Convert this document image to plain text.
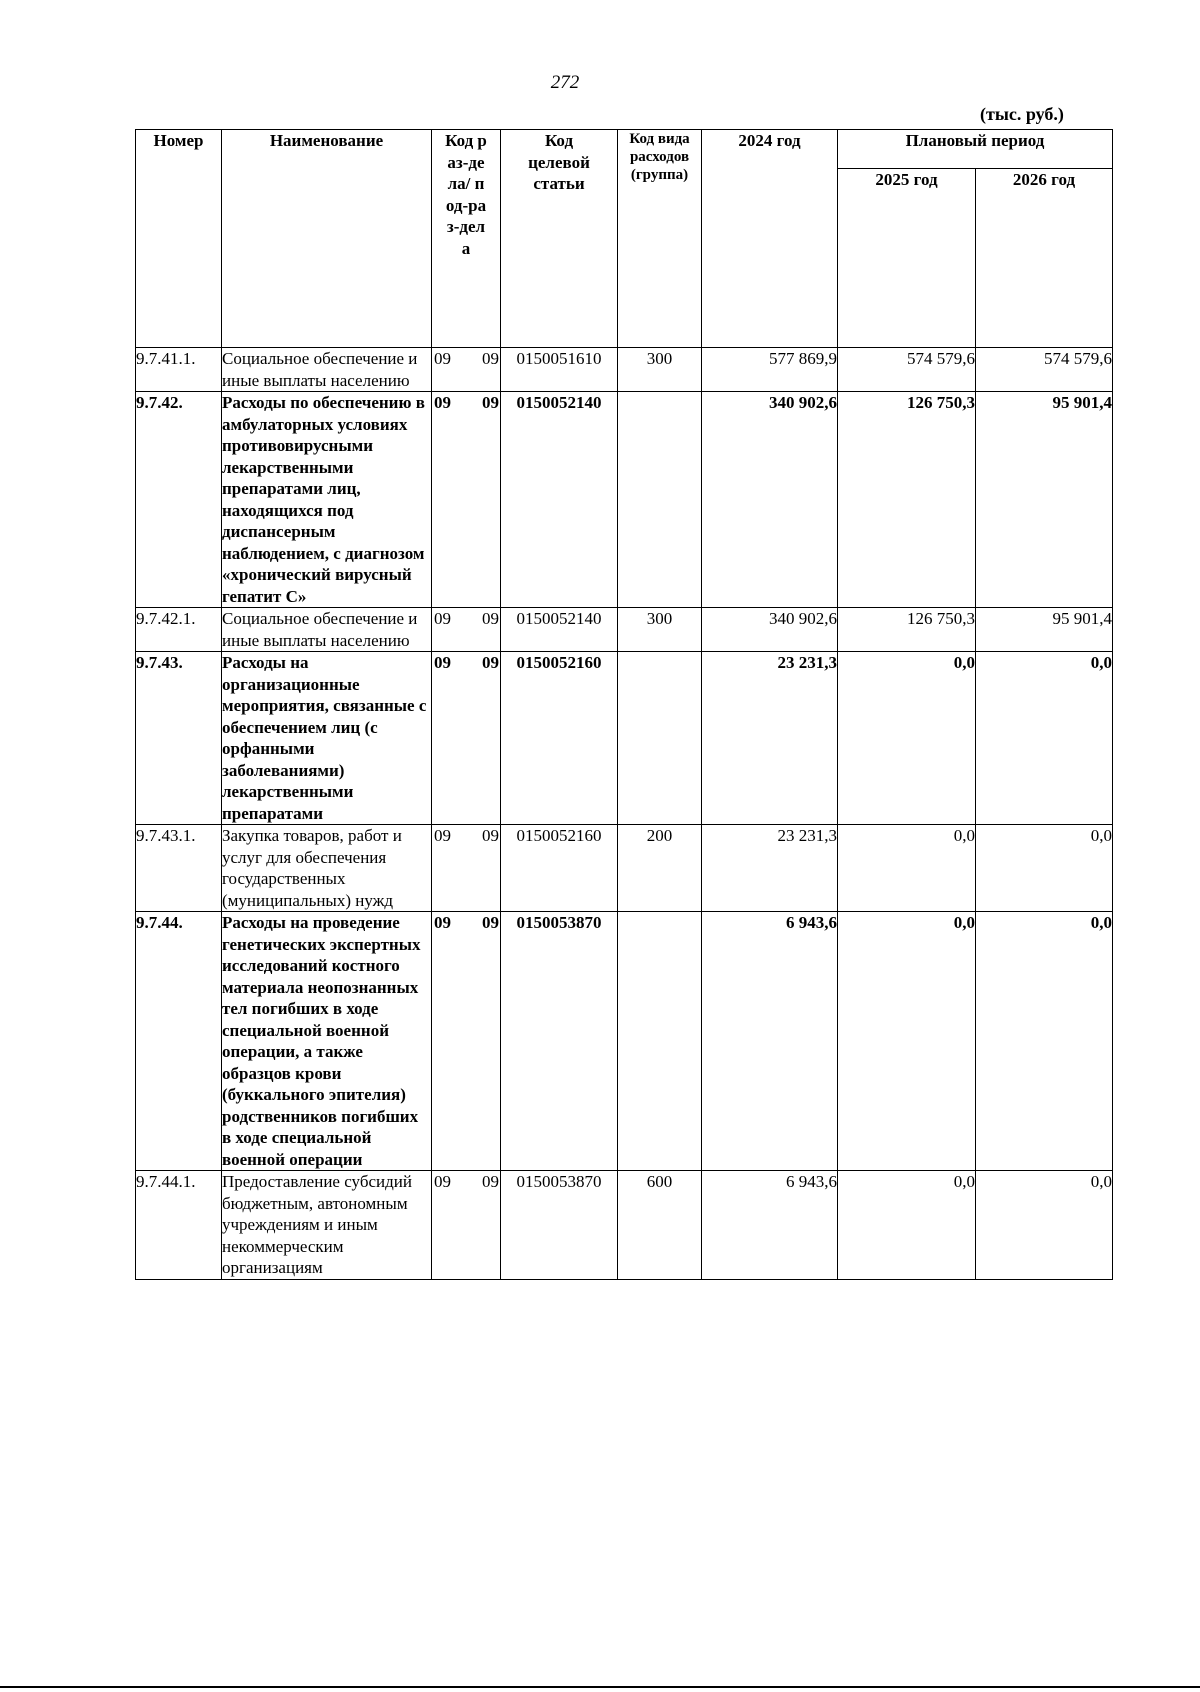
272
(тыс. руб.)
Номер	Наименование	Код раз-дела/ под-раз-дела	Код целевой статьи	Код вида расходов (группа)	2024 год	Плановый период	
						2025 год	2026 год
9.7.41.1.	Социальное обеспечение и иные выплаты населению	09 09	0150051610	300	577 869,9	574 579,6	574 579,6
9.7.42.	Расходы по обеспечению в амбулаторных условиях противовирусными лекарственными препаратами лиц, находящихся под диспансерным наблюдением, с диагнозом «хронический вирусный гепатит С»	09 09	0150052140		340 902,6	126 750,3	95 901,4
9.7.42.1.	Социальное обеспечение и иные выплаты населению	09 09	0150052140	300	340 902,6	126 750,3	95 901,4
9.7.43.	Расходы на организационные мероприятия, связанные с обеспечением лиц (с орфанными заболеваниями) лекарственными препаратами	09 09	0150052160		23 231,3	0,0	0,0
9.7.43.1.	Закупка товаров, работ и услуг для обеспечения государственных (муниципальных) нужд	09 09	0150052160	200	23 231,3	0,0	0,0
9.7.44.	Расходы на проведение генетических экспертных исследований костного материала неопознанных тел погибших в ходе специальной военной операции, а также образцов крови (буккального эпителия) родственников погибших в ходе специальной военной операции	09 09	0150053870		6 943,6	0,0	0,0
9.7.44.1.	Предоставление субсидий бюджетным, автономным учреждениям и иным некоммерческим организациям	09 09	0150053870	600	6 943,6	0,0	0,0
